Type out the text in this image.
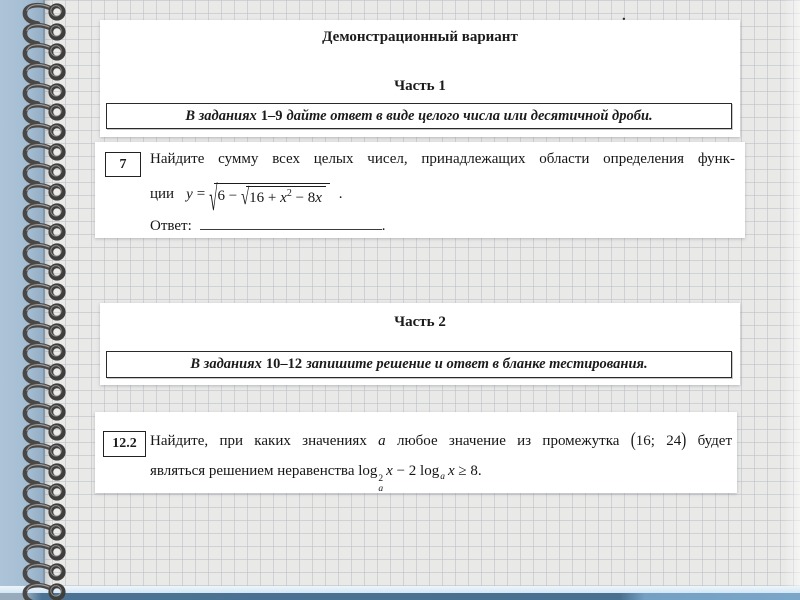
.
Демонстрационный вариант
Часть 1
В заданиях 1–9 дайте ответ в виде целого числа или десятичной дроби.
7 Найдите сумму всех целых чисел, принадлежащих области определения функ-
ции $y = √6 - √16 + x^2 - 8x$ .
Ответ:	.
Часть 2
В заданиях 10–12 запишите решение и ответ в бланке тестирования.
12.2 Найдите, при каких значениях a любое значение из промежутка (16; 24) будет
являться решением неравенства log 2
a
x − 2 $\log_a x \ge 8$.
